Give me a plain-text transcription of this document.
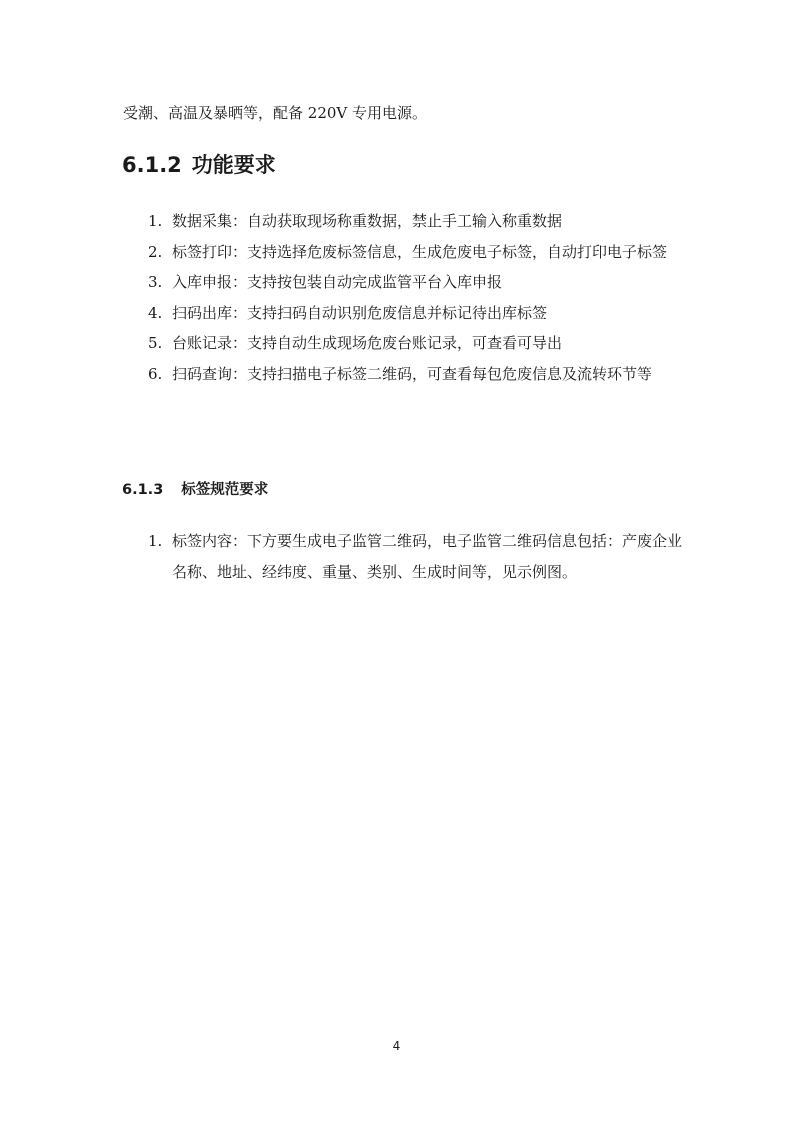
受潮、高温及暴晒等，配备 220V 专用电源。
6.1.2 功能要求
1. 数据采集：自动获取现场称重数据，禁止手工输入称重数据
2. 标签打印：支持选择危废标签信息，生成危废电子标签，自动打印电子标签
3. 入库申报：支持按包装自动完成监管平台入库申报
4. 扫码出库：支持扫码自动识别危废信息并标记待出库标签
5. 台账记录：支持自动生成现场危废台账记录，可查看可导出
6. 扫码查询：支持扫描电子标签二维码，可查看每包危废信息及流转环节等
6.1.3 标签规范要求
1. 标签内容：下方要生成电子监管二维码，电子监管二维码信息包括：产废企业名称、地址、经纬度、重量、类别、生成时间等，见示例图。
4
